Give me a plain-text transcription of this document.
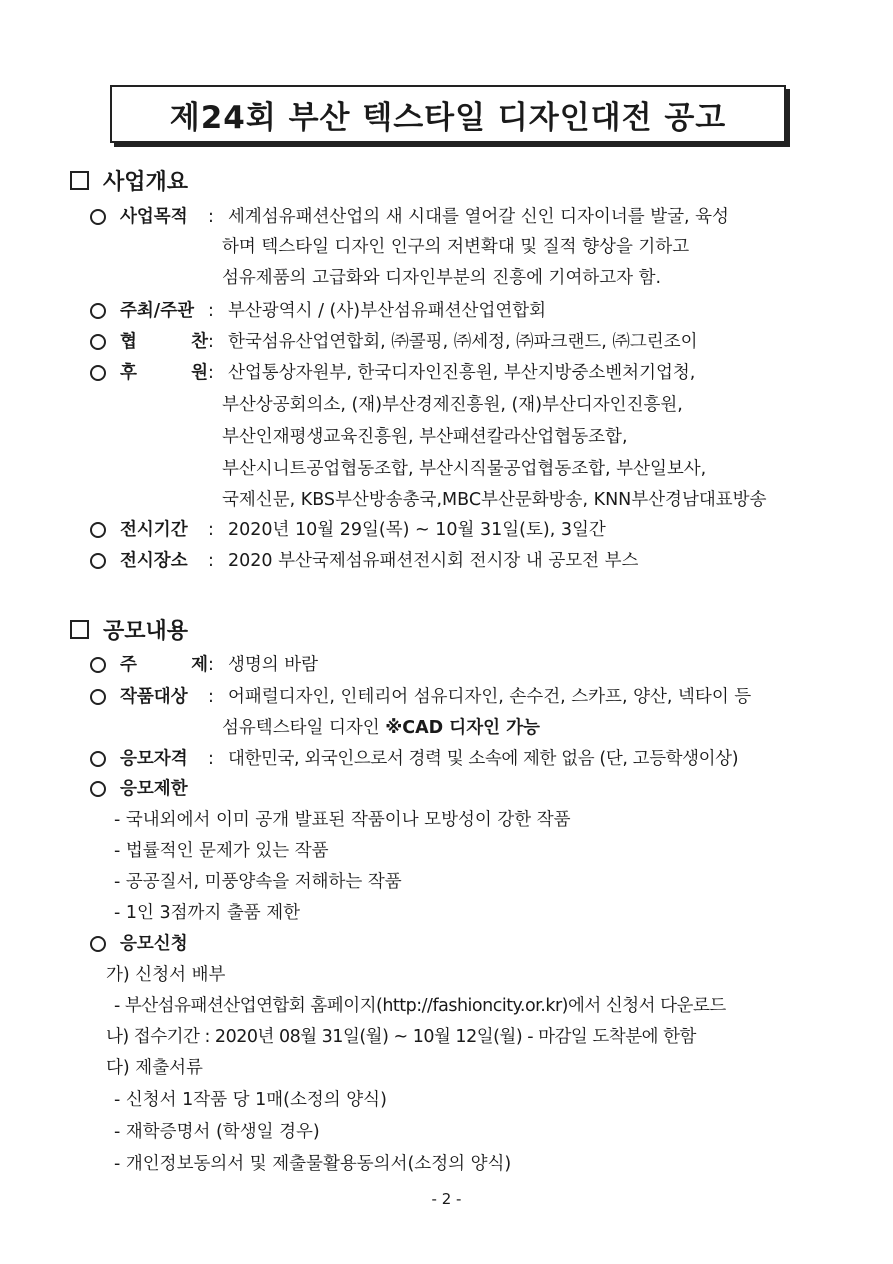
제24회 부산 텍스타일 디자인대전 공고
사업개요
사업목적	: 세계섬유패션산업의 새 시대를 열어갈 신인 디자이너를 발굴, 육성
하며 텍스타일 디자인 인구의 저변확대 및 질적 향상을 기하고
섬유제품의 고급화와 디자인부분의 진흥에 기여하고자 함.
주최/주관 : 부산광역시 / (사)부산섬유패션산업연합회
협	찬 : 한국섬유산업연합회, ㈜콜핑, ㈜세정, ㈜파크랜드, ㈜그린조이
후	원 : 산업통상자원부, 한국디자인진흥원, 부산지방중소벤처기업청,
부산상공회의소, (재)부산경제진흥원, (재)부산디자인진흥원,
부산인재평생교육진흥원, 부산패션칼라산업협동조합,
부산시니트공업협동조합, 부산시직물공업협동조합, 부산일보사,
국제신문, KBS부산방송총국,MBC부산문화방송, KNN부산경남대표방송
전시기간	: 2020년 10월 29일(목) ~ 10월 31일(토), 3일간
전시장소	: 2020 부산국제섬유패션전시회 전시장 내 공모전 부스
공모내용
주	제 : 생명의 바람
작품대상	: 어패럴디자인, 인테리어 섬유디자인, 손수건, 스카프, 양산, 넥타이 등
섬유텍스타일 디자인 ※CAD 디자인 가능
응모자격	: 대한민국, 외국인으로서 경력 및 소속에 제한 없음 (단, 고등학생이상)
응모제한
- 국내외에서 이미 공개 발표된 작품이나 모방성이 강한 작품
- 법률적인 문제가 있는 작품
- 공공질서, 미풍양속을 저해하는 작품
- 1인 3점까지 출품 제한
응모신청
가) 신청서 배부
- 부산섬유패션산업연합회 홈페이지(http://fashioncity.or.kr)에서 신청서 다운로드
나) 접수기간 : 2020년 08월 31일(월) ~ 10월 12일(월) - 마감일 도착분에 한함
다) 제출서류
- 신청서 1작품 당 1매(소정의 양식)
- 재학증명서 (학생일 경우)
- 개인정보동의서 및 제출물활용동의서(소정의 양식)
- 2 -
